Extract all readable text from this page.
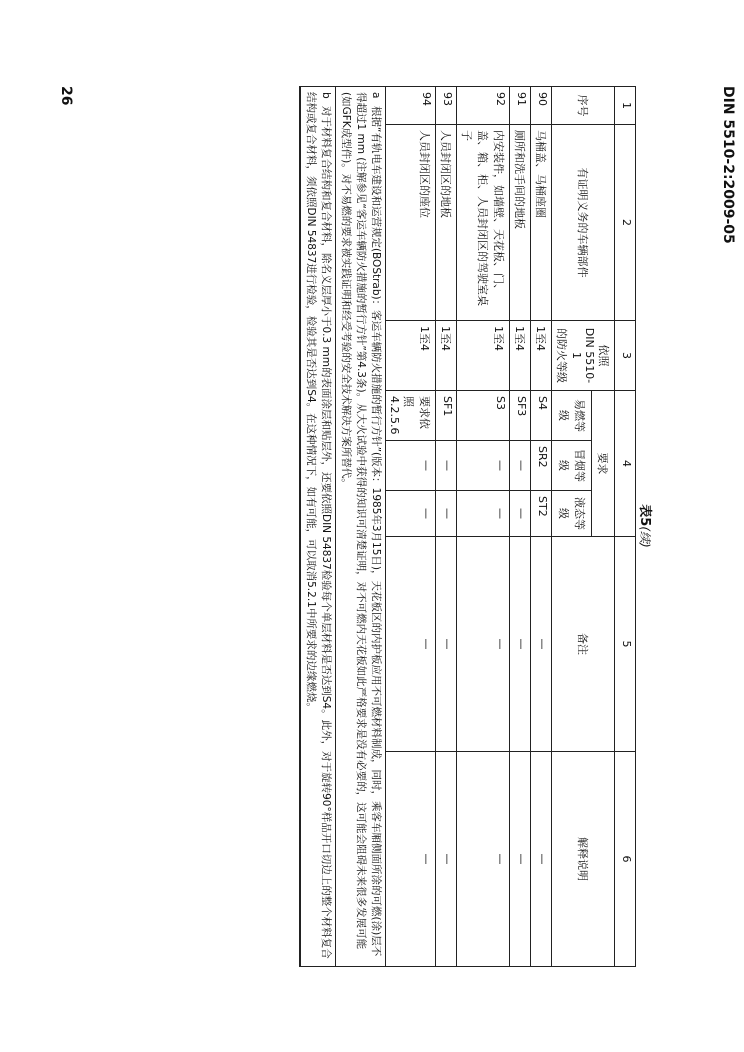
DIN 5510-2:2009-05
26
表5(续)
1	2	3	4			5	6
序号	有证明义务的车辆部件	依照
DIN 5510-1
的防火等级	要求			备注	解释说明
			易燃等级	冒烟等级	液态等级		
90	马桶盖、马桶座圈	1至4	S4	SR2	ST2	—	—
91	厕所和洗手间的地板	1至4	SF3	—	—	—	—
92	内安装件，如墙壁、天花板、门、盖、箱、柜、人员封闭区的驾驶室桌子	1至4	S3	—	—	—	—
93	人员封闭区的地板	1至4	SF1	—	—	—	—
94	人员封闭区的座位	1至4	要求依照 4.2.5.6	—	—	—	—
a根据“有轨电车建设和运营规定(BOStrab)：客运车辆防火措施的暂行方针”(版本：1985年3月15日)，天花板区的内护板应用不可燃材料制成，同时，乘客车厢侧面所涂的可燃(涂)层不得超过1 mm (注解参见“客运车辆防火措施的暂行方针”第4.3条)。从大火试验中获得的知识可清楚证明，对不可燃内天花板如此严格要求是没有必要的，这可能会阻碍未来很多发展可能(如GFK成型件)。对不易燃的要求被实践证明和经受考验的安全技术解决方案所替代。							
b对于材料复合结构和复合材料，除名义层厚小于0.3 mm的表面涂层和贴层外，还要依照DIN 54837检验每个单层材料是否达到S4。此外，对于旋转90°样品开口切边上的整个材料复合结构或复合材料，须依照DIN 54837进行检验，检验其是否达到S4。在这种情况下，如有可能，可以取消5.2.1中所要求的边缘燃烧。							
